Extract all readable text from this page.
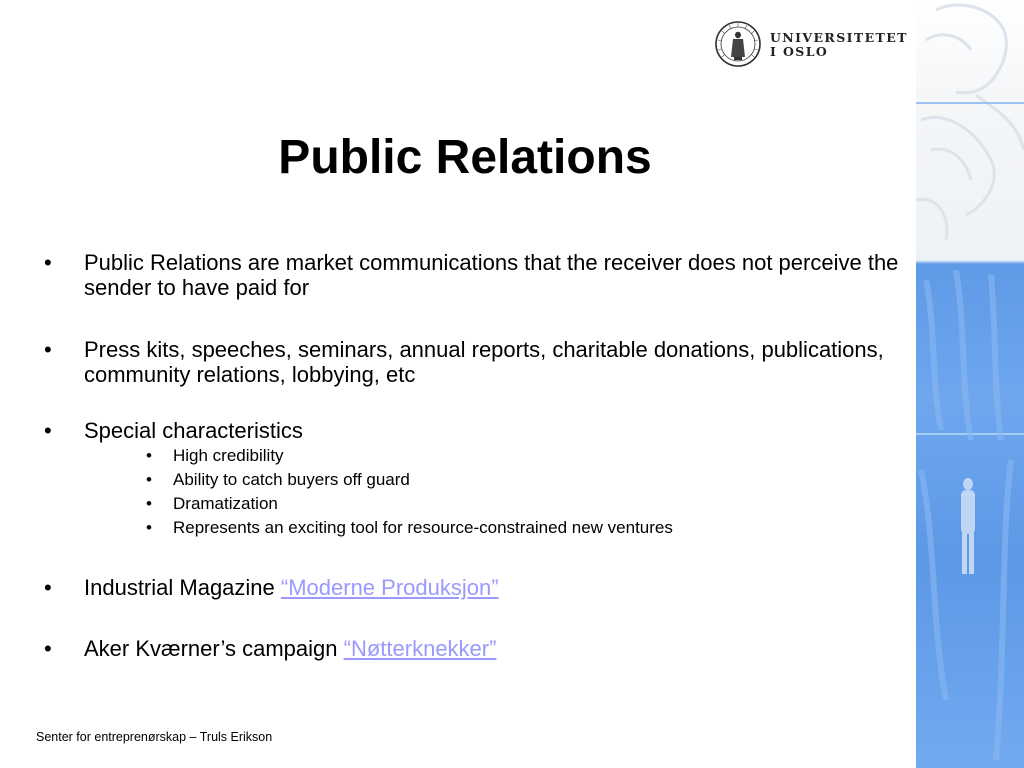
UNIVERSITETET
I OSLO
Public Relations
•	Public Relations are market communications that the receiver does not perceive the sender to have paid for
•	Press kits, speeches, seminars, annual reports, charitable donations, publications, community relations, lobbying, etc
•	Special characteristics
• High credibility
• Ability to catch buyers off guard
• Dramatization
• Represents an exciting tool for resource-constrained new ventures
•	Industrial Magazine “Moderne Produksjon”
•	Aker Kværner’s campaign “Nøtterknekker”
Senter for entreprenørskap – Truls Erikson
